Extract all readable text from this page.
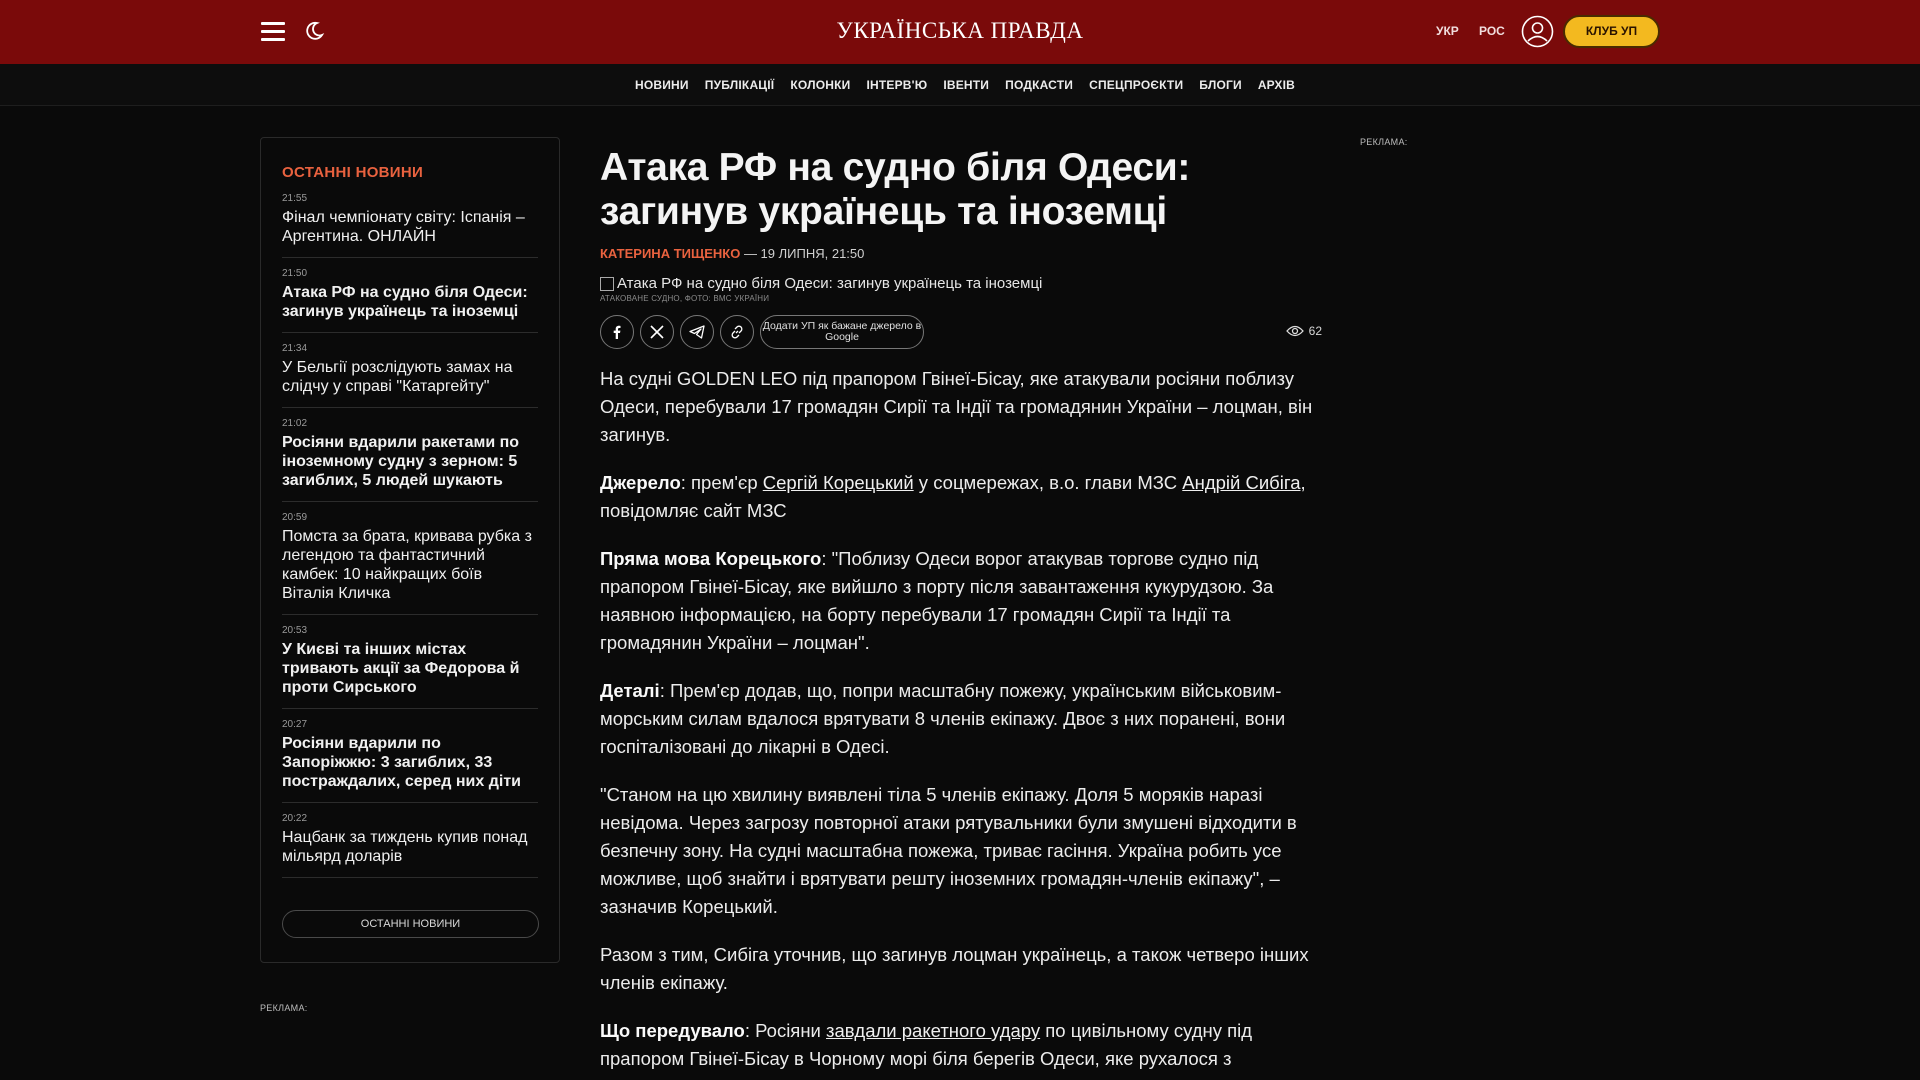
УКРАЇНСЬКА ПРАВДА	УКР РОС	КЛУБ УП
НОВИНИ ПУБЛІКАЦІЇ КОЛОНКИ ІНТЕРВ'Ю ІВЕНТИ ПОДКАСТИ СПЕЦПРОЄКТИ БЛОГИ АРХІВ
ОСТАННІ НОВИНИ
21:55
Фінал чемпіонату світу: Іспанія – Аргентина. ОНЛАЙН
21:50
Атака РФ на судно біля Одеси: загинув українець та іноземці
21:34
У Бельгії розслідують замах на слідчу у справі "Катаргейту"
21:02
Росіяни вдарили ракетами по іноземному судну з зерном: 5 загиблих, 5 людей шукають
20:59
Помста за брата, кривава рубка з легендою та фантастичний камбек: 10 найкращих боїв Віталія Кличка
20:53
У Києві та інших містах тривають акції за Федорова й проти Сирського
20:27
Росіяни вдарили по Запоріжжю: 3 загиблих, 33 постраждалих, серед них діти
20:22
Нацбанк за тиждень купив понад мільярд доларів
ОСТАННІ НОВИНИ
РЕКЛАМА:
РЕКЛАМА:
Атака РФ на судно біля Одеси: загинув українець та іноземці
КАТЕРИНА ТИЩЕНКО — 19 ЛИПНЯ, 21:50
Атака РФ на судно біля Одеси: загинув українець та іноземці
АТАКОВАНЕ СУДНО, ФОТО: ВМС УКРАЇНИ
Додати УП як бажане джерело в Google	62

На судні GOLDEN LEO під прапором Гвінеї-Бісау, яке атакували росіяни поблизу Одеси, перебували 17 громадян Сирії та Індії та громадянин України – лоцман, він загинув.

Джерело: прем'єр Сергій Корецький у соцмережах, в.о. глави МЗС Андрій Сибіга, повідомляє сайт МЗС

Пряма мова Корецького: "Поблизу Одеси ворог атакував торгове судно під прапором Гвінеї-Бісау, яке вийшло з порту після завантаження кукурудзою. За наявною інформацією, на борту перебували 17 громадян Сирії та Індії та громадянин України – лоцман".

Деталі: Прем'єр додав, що, попри масштабну пожежу, українським військовим-морським силам вдалося врятувати 8 членів екіпажу. Двоє з них поранені, вони госпіталізовані до лікарні в Одесі.

"Станом на цю хвилину виявлені тіла 5 членів екіпажу. Доля 5 моряків наразі невідома. Через загрозу повторної атаки рятувальники були змушені відходити в безпечну зону. На судні масштабна пожежа, триває гасіння. Україна робить усе можливе, щоб знайти і врятувати решту іноземних громадян-членів екіпажу", – зазначив Корецький.

Разом з тим, Сибіга уточнив, що загинув лоцман українець, а також четверо інших членів екіпажу.

Що передувало: Росіяни завдали ракетного удару по цивільному судну під прапором Гвінеї-Бісау в Чорному морі біля берегів Одеси, яке рухалося з
